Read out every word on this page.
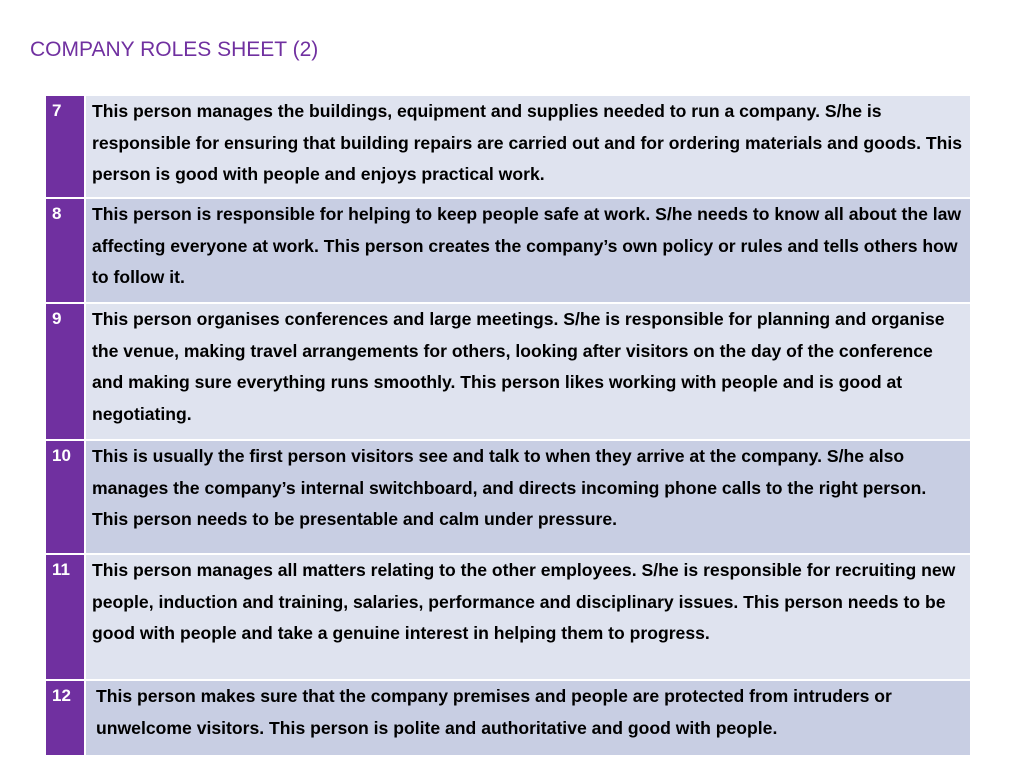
COMPANY ROLES SHEET (2)
7	This person manages the buildings, equipment and supplies needed to run a company. S/he is responsible for ensuring that building repairs are carried out and for ordering materials and goods. This person is good with people and enjoys practical work.
8	This person is responsible for helping to keep people safe at work. S/he needs to know all about the law affecting everyone at work. This person creates the company’s own policy or rules and tells others how to follow it.
9	This person organises conferences and large meetings. S/he is responsible for planning and organise the venue, making travel arrangements for others, looking after visitors on the day of the conference and making sure everything runs smoothly. This person likes working with people and is good at negotiating.
10	This is usually the first person visitors see and talk to when they arrive at the company. S/he also manages the company’s internal switchboard, and directs incoming phone calls to the right person. This person needs to be presentable and calm under pressure.
11	This person manages all matters relating to the other employees. S/he is responsible for recruiting new people, induction and training, salaries, performance and disciplinary issues. This person needs to be good with people and take a genuine interest in helping them to progress.
12	This person makes sure that the company premises and people are protected from intruders or unwelcome visitors. This person is polite and authoritative and good with people.
